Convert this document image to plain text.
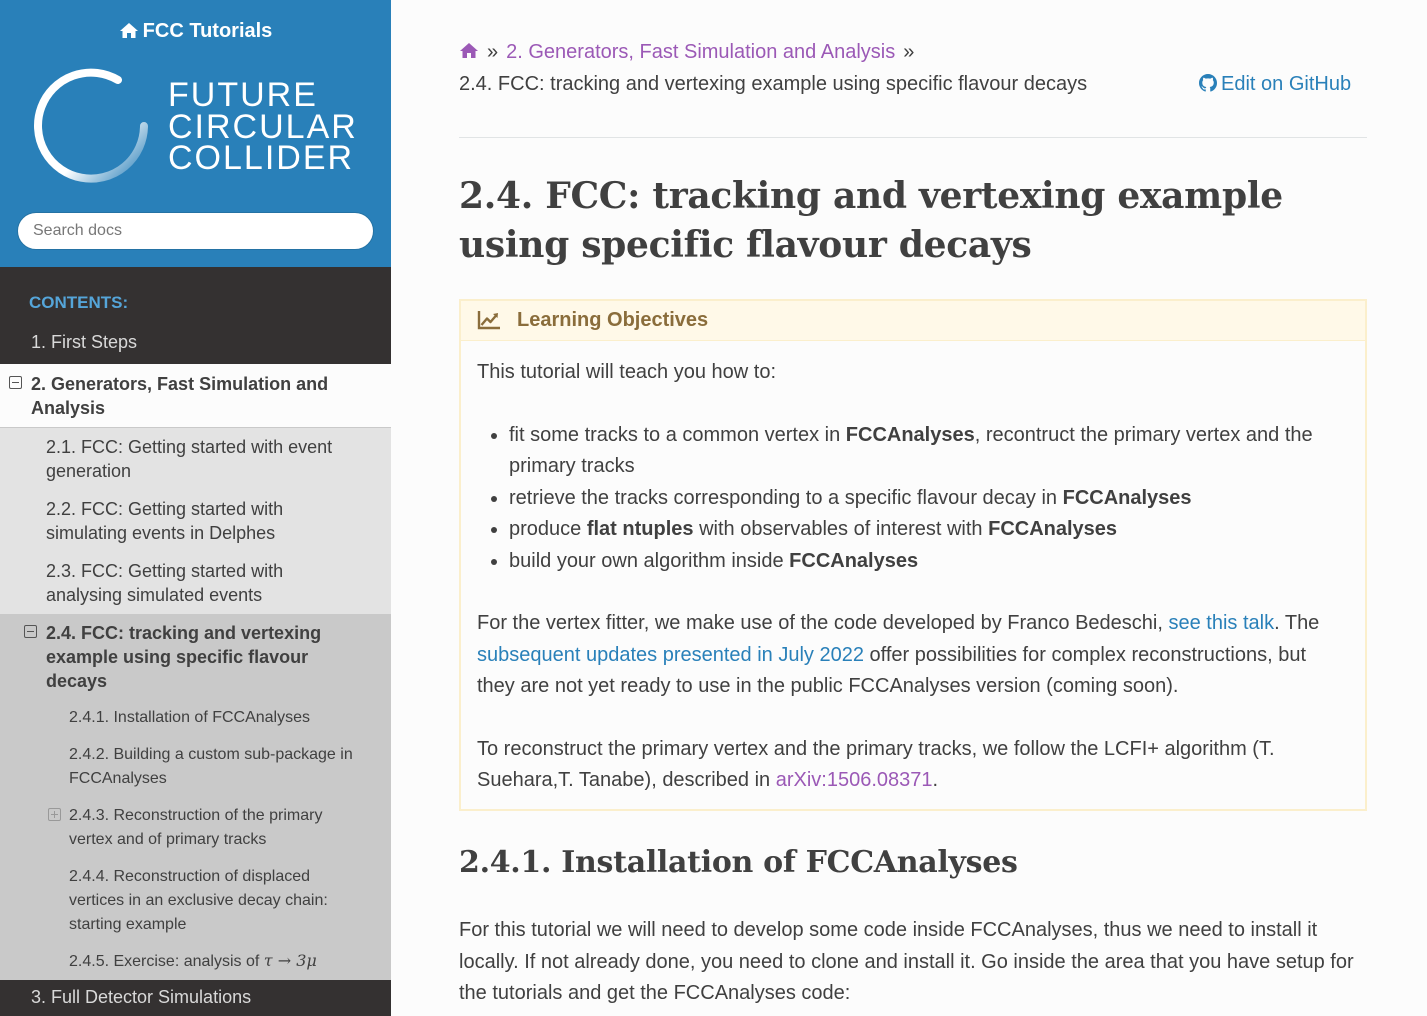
FCC Tutorials
FUTURE
CIRCULAR
COLLIDER
Search docs
CONTENTS:
1. First Steps
2. Generators, Fast Simulation and Analysis
2.1. FCC: Getting started with event generation
2.2. FCC: Getting started with simulating events in Delphes
2.3. FCC: Getting started with analysing simulated events
2.4. FCC: tracking and vertexing example using specific flavour decays
2.4.1. Installation of FCCAnalyses
2.4.2. Building a custom sub-package in FCCAnalyses
2.4.3. Reconstruction of the primary vertex and of primary tracks
2.4.4. Reconstruction of displaced vertices in an exclusive decay chain: starting example
2.4.5. Exercise: analysis of τ → 3μ
3. Full Detector Simulations
» 2. Generators, Fast Simulation and Analysis »
2.4. FCC: tracking and vertexing example using specific flavour decays	Edit on GitHub
2.4. FCC: tracking and vertexing example using specific flavour decays
Learning Objectives

This tutorial will teach you how to:

• fit some tracks to a common vertex in FCCAnalyses, recontruct the primary vertex and the primary tracks
• retrieve the tracks corresponding to a specific flavour decay in FCCAnalyses
• produce flat ntuples with observables of interest with FCCAnalyses
• build your own algorithm inside FCCAnalyses

For the vertex fitter, we make use of the code developed by Franco Bedeschi, see this talk. The subsequent updates presented in July 2022 offer possibilities for complex reconstructions, but they are not yet ready to use in the public FCCAnalyses version (coming soon).

To reconstruct the primary vertex and the primary tracks, we follow the LCFI+ algorithm (T. Suehara,T. Tanabe), described in arXiv:1506.08371.

2.4.1. Installation of FCCAnalyses

For this tutorial we will need to develop some code inside FCCAnalyses, thus we need to install it locally. If not already done, you need to clone and install it. Go inside the area that you have setup for the tutorials and get the FCCAnalyses code:
